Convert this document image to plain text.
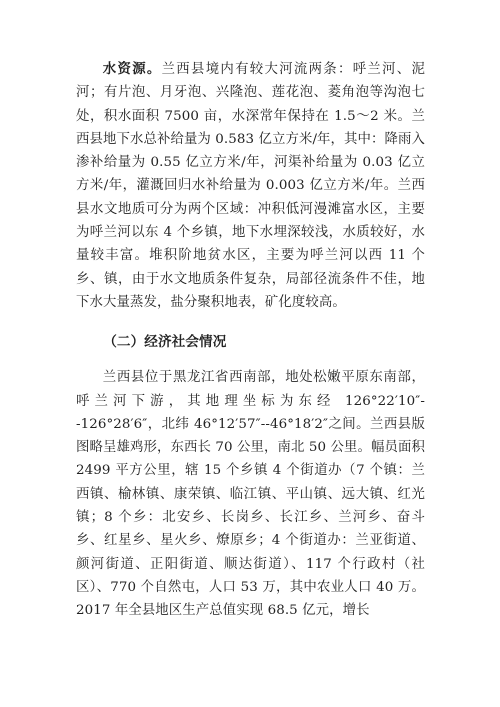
水资源。兰西县境内有较大河流两条：呼兰河、泥河；有片泡、月牙泡、兴隆泡、莲花泡、菱角泡等沟泡七处，积水面积 7500 亩，水深常年保持在 1.5～2 米。兰西县地下水总补给量为 0.583 亿立方米/年，其中：降雨入渗补给量为 0.55 亿立方米/年，河渠补给量为 0.03 亿立方米/年，灌溉回归水补给量为 0.003 亿立方米/年。兰西县水文地质可分为两个区域：冲积低河漫滩富水区，主要为呼兰河以东 4 个乡镇，地下水埋深较浅，水质较好，水量较丰富。堆积阶地贫水区，主要为呼兰河以西 11 个乡、镇，由于水文地质条件复杂，局部径流条件不佳，地下水大量蒸发，盐分聚积地表，矿化度较高。

（二）经济社会情况

兰西县位于黑龙江省西南部，地处松嫩平原东南部，呼兰河下游，其地理坐标为东经 126°22′10″--126°28′6″，北纬 46°12′57″--46°18′2″之间。兰西县版图略呈雄鸡形，东西长 70 公里，南北 50 公里。幅员面积 2499 平方公里，辖 15 个乡镇 4 个街道办（7 个镇：兰西镇、榆林镇、康荣镇、临江镇、平山镇、远大镇、红光镇；8 个乡：北安乡、长岗乡、长江乡、兰河乡、奋斗乡、红星乡、星火乡、燎原乡；4 个街道办：兰亚街道、颜河街道、正阳街道、顺达街道）、117 个行政村（社区）、770 个自然屯，人口 53 万，其中农业人口 40 万。2017 年全县地区生产总值实现 68.5 亿元，增长
